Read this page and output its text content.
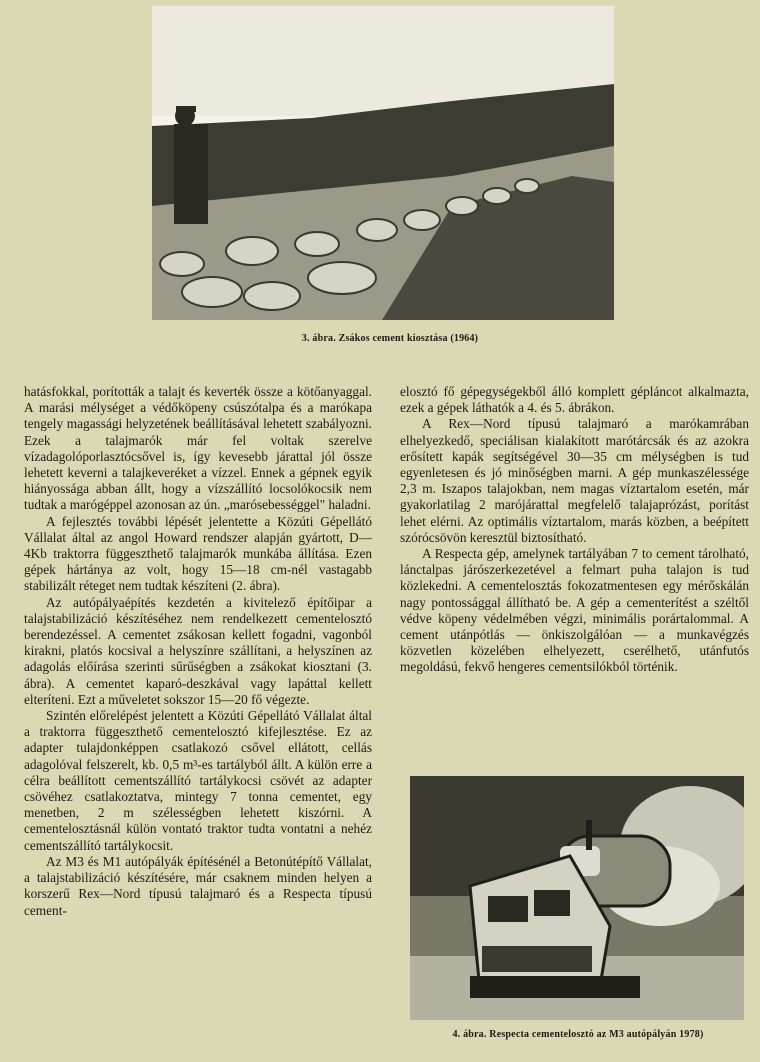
3. ábra. Zsákos cement kiosztása (1964)

hatásfokkal, porították a talajt és keverték össze a kötőanyaggal. A marási mélységet a védőköpeny csúszótalpa és a marókapa tengely magassági helyzetének beállításával lehetett szabályozni. Ezek a talajmarók már fel voltak szerelve vízadagolóporlasztócsővel is, így kevesebb járattal jól össze lehetett keverni a talajkeveréket a vízzel. Ennek a gépnek egyik hiányossága abban állt, hogy a vízszállító locsolókocsik nem tudtak a marógéppel azonosan az ún. „marósebességgel" haladni.

A fejlesztés további lépését jelentette a Közúti Gépellátó Vállalat által az angol Howard rendszer alapján gyártott, D—4Kb traktorra függeszthető talajmarók munkába állítása. Ezen gépek hártánya az volt, hogy 15—18 cm-nél vastagabb stabilizált réteget nem tudtak készíteni (2. ábra).

Az autópályaépítés kezdetén a kivitelező építőipar a talajstabilizáció készítéséhez nem rendelkezett cementelosztó berendezéssel. A cementet zsákosan kellett fogadni, vagonból kirakni, platós kocsival a helyszínre szállítani, a helyszínen az adagolás előírása szerinti sűrűségben a zsákokat kiosztani (3. ábra). A cementet kaparó-deszkával vagy lapáttal kellett elteríteni. Ezt a műveletet sokszor 15—20 fő végezte.

Szintén előrelépést jelentett a Közúti Gépellátó Vállalat által a traktorra függeszthető cementelosztó kifejlesztése. Ez az adapter tulajdonképpen csatlakozó csővel ellátott, cellás adagolóval felszerelt, kb. 0,5 m³-es tartályból állt. A külön erre a célra beállított cementszállító tartálykocsi csövét az adapter csövéhez csatlakoztatva, mintegy 7 tonna cementet, egy menetben, 2 m szélességben lehetett kiszórni. A cementelosztásnál külön vontató traktor tudta vontatni a nehéz cementszállító tartálykocsit.

Az M3 és M1 autópályák építésénél a Betonútépítő Vállalat, a talajstabilizáció készítésére, már csaknem minden helyen a korszerű Rex—Nord típusú talajmaró és a Respecta típusú cement-

elosztó fő gépegységekből álló komplett gépláncot alkalmazta, ezek a gépek láthatók a 4. és 5. ábrákon.

A Rex—Nord típusú talajmaró a marókamrában elhelyezkedő, speciálisan kialakított marótárcsák és az azokra erősített kapák segítségével 30—35 cm mélységben is tud egyenletesen és jó minőségben marni. A gép munkaszélessége 2,3 m. Iszapos talajokban, nem magas víztartalom esetén, már gyakorlatilag 2 marójárattal megfelelő talajaprózást, porítást lehet elérni. Az optimális víztartalom, marás közben, a beépített szórócsövön keresztül biztosítható.

A Respecta gép, amelynek tartályában 7 to cement tárolható, lánctalpas járószerkezetével a felmart puha talajon is tud közlekedni. A cementelosztás fokozatmentesen egy mérőskálán nagy pontossággal állítható be. A gép a cementerítést a széltől védve köpeny védelmében végzi, minimális porártalommal. A cement utánpótlás — önkiszolgálóan — a munkavégzés közvetlen közelében elhelyezett, cserélhető, utánfutós megoldású, fekvő hengeres cementsilókból történik.

4. ábra. Respecta cementelosztó az M3 autópályán 1978)
